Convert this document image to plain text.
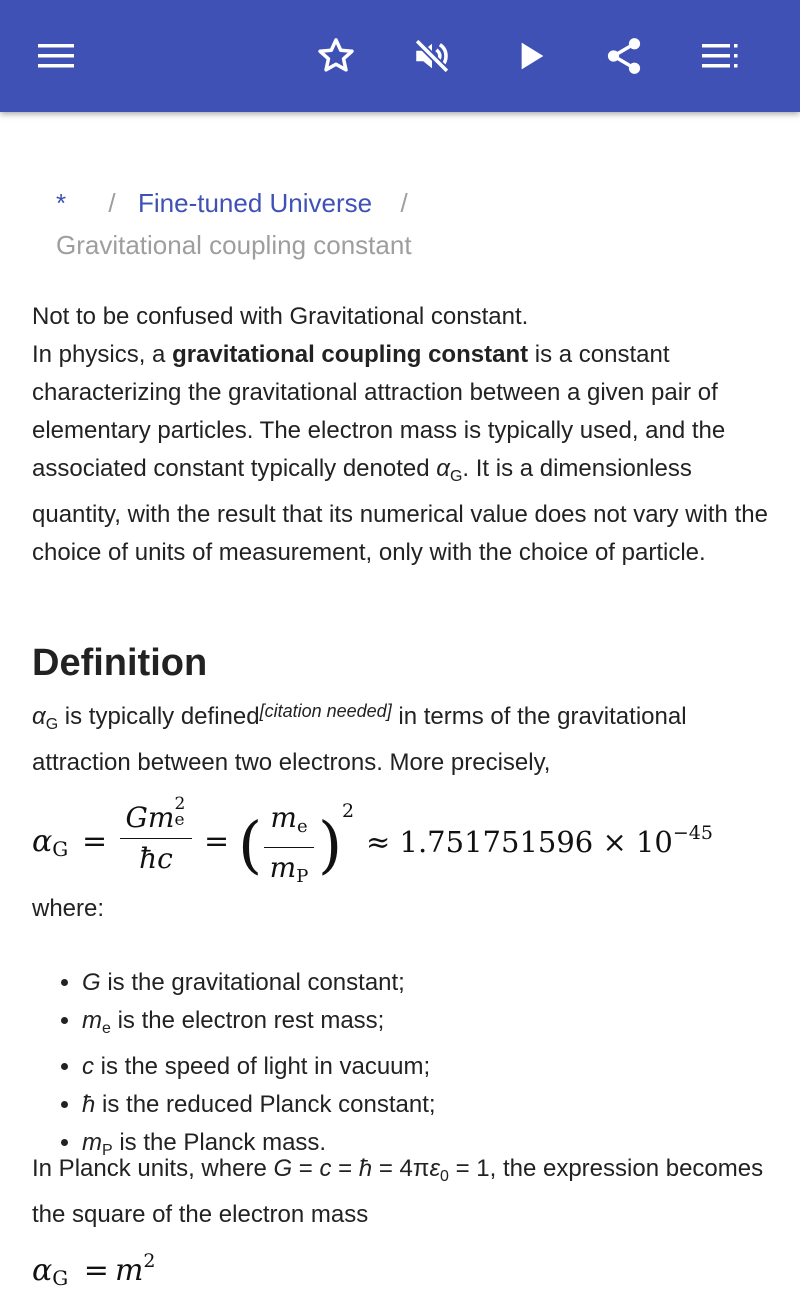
* / Fine-tuned Universe /
Gravitational coupling constant

Not to be confused with Gravitational constant.

In physics, a gravitational coupling constant is a constant characterizing the gravitational attraction between a given pair of elementary particles. The electron mass is typically used, and the associated constant typically denoted $\alpha_G$. It is a dimensionless quantity, with the result that its numerical value does not vary with the choice of units of measurement, only with the choice of particle.

Definition

$\alpha_G$ is typically defined[citation needed] in terms of the gravitational attraction between two electrons. More precisely,

αG =
Gm 2
e

ħc	= ( me
mP ) 2
≈ $1.751751596 \times 10^{-45}$

where:

• G is the gravitational constant;
• $m_e$ is the electron rest mass;
• c is the speed of light in vacuum;
• ħ is the reduced Planck constant;
• $m_P$ is the Planck mass.

In Planck units, where G = c = ħ = $4\pi\varepsilon_0 = 1$, the expression becomes the square of the electron mass

$\alpha G = m^2$
